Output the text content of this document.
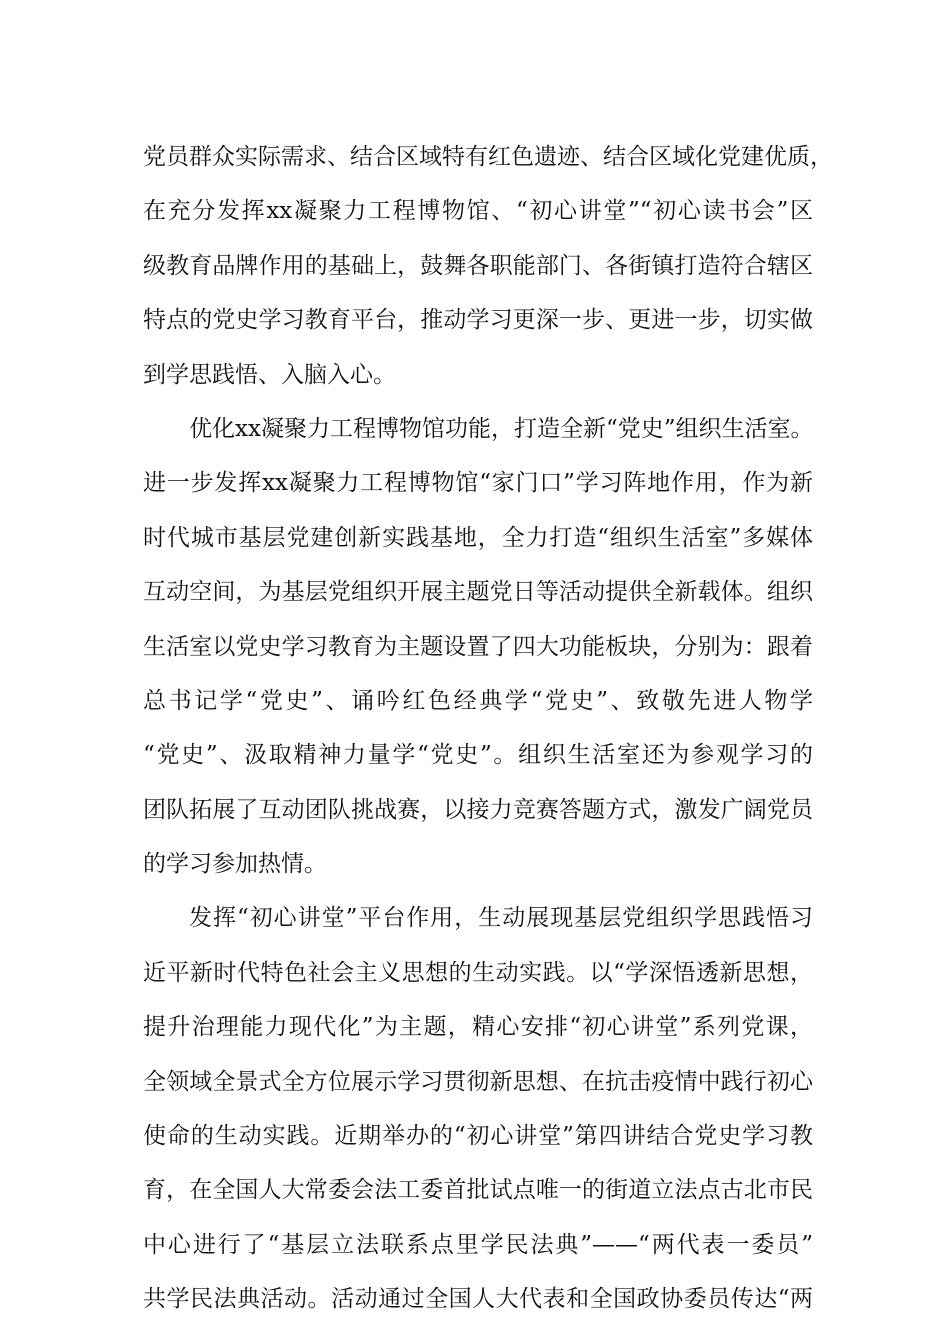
党员群众实际需求、结合区域特有红色遗迹、结合区域化党建优质，
在充分发挥xx凝聚力工程博物馆、“初心讲堂”“初心读书会”区
级教育品牌作用的基础上，鼓舞各职能部门、各街镇打造符合辖区
特点的党史学习教育平台，推动学习更深一步、更进一步，切实做
到学思践悟、入脑入心。
优化xx凝聚力工程博物馆功能，打造全新“党史”组织生活室。
进一步发挥xx凝聚力工程博物馆“家门口”学习阵地作用，作为新
时代城市基层党建创新实践基地，全力打造“组织生活室”多媒体
互动空间，为基层党组织开展主题党日等活动提供全新载体。组织
生活室以党史学习教育为主题设置了四大功能板块，分别为：跟着
总书记学“党史”、诵吟红色经典学“党史”、致敬先进人物学
“党史”、汲取精神力量学“党史”。组织生活室还为参观学习的
团队拓展了互动团队挑战赛，以接力竞赛答题方式，激发广阔党员
的学习参加热情。
发挥“初心讲堂”平台作用，生动展现基层党组织学思践悟习
近平新时代特色社会主义思想的生动实践。以“学深悟透新思想，
提升治理能力现代化”为主题，精心安排“初心讲堂”系列党课，
全领域全景式全方位展示学习贯彻新思想、在抗击疫情中践行初心
使命的生动实践。近期举办的“初心讲堂”第四讲结合党史学习教
育，在全国人大常委会法工委首批试点唯一的街道立法点古北市民
中心进行了“基层立法联系点里学民法典”——“两代表一委员”
共学民法典活动。活动通过全国人大代表和全国政协委员传达“两
